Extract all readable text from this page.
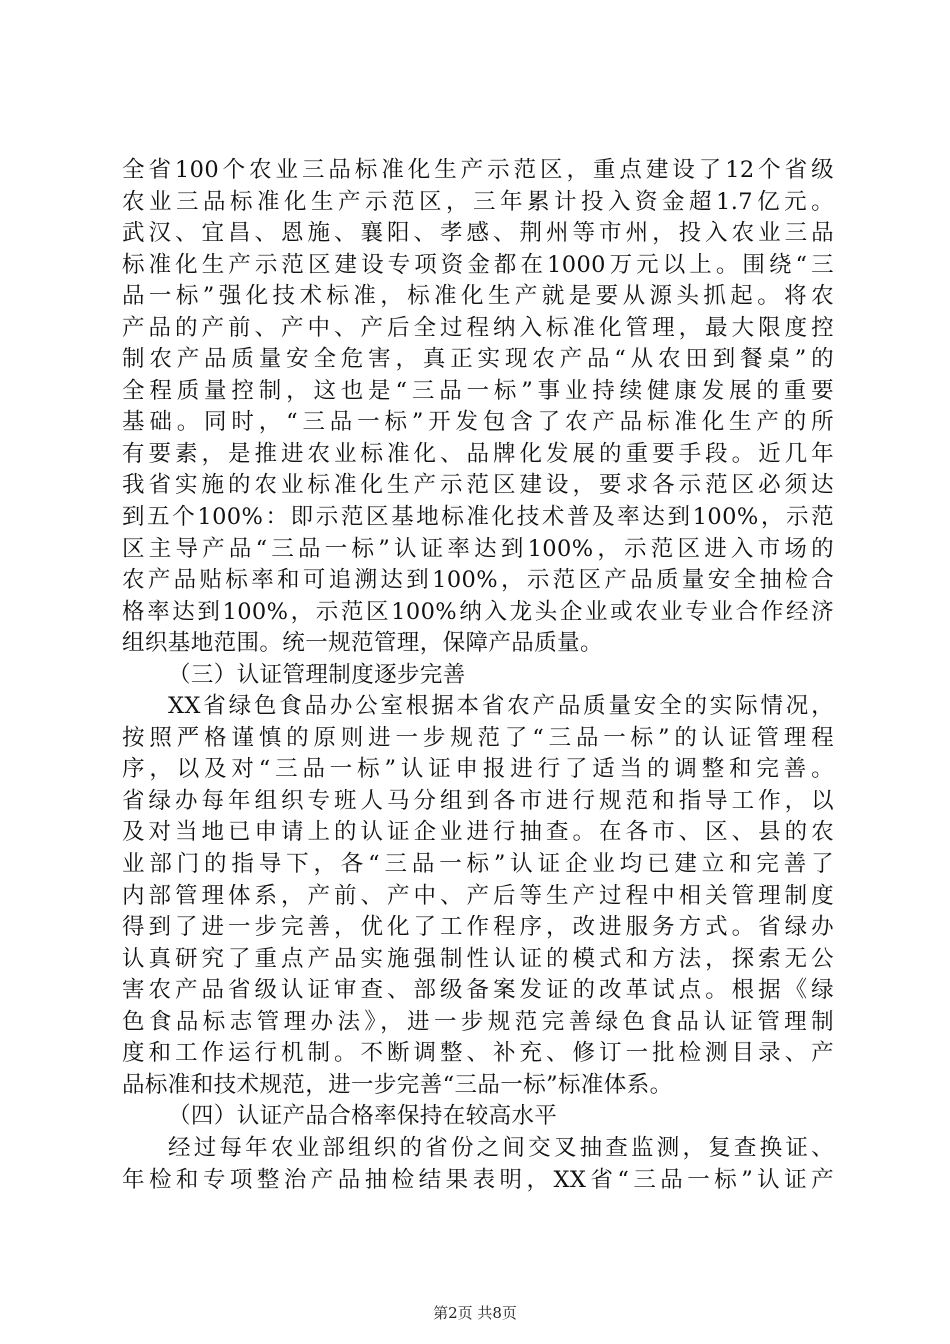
全省100个农业三品标准化生产示范区，重点建设了12个省级
农业三品标准化生产示范区，三年累计投入资金超1.7亿元。
武汉、宜昌、恩施、襄阳、孝感、荆州等市州，投入农业三品
标准化生产示范区建设专项资金都在1000万元以上。围绕“三
品一标”强化技术标准，标准化生产就是要从源头抓起。将农
产品的产前、产中、产后全过程纳入标准化管理，最大限度控
制农产品质量安全危害，真正实现农产品“从农田到餐桌”的
全程质量控制，这也是“三品一标”事业持续健康发展的重要
基础。同时，“三品一标”开发包含了农产品标准化生产的所
有要素，是推进农业标准化、品牌化发展的重要手段。近几年
我省实施的农业标准化生产示范区建设，要求各示范区必须达
到五个100%：即示范区基地标准化技术普及率达到100%，示范
区主导产品“三品一标”认证率达到100%，示范区进入市场的
农产品贴标率和可追溯达到100%，示范区产品质量安全抽检合
格率达到100%，示范区100%纳入龙头企业或农业专业合作经济
组织基地范围。统一规范管理，保障产品质量。
（三）认证管理制度逐步完善
XX省绿色食品办公室根据本省农产品质量安全的实际情况，
按照严格谨慎的原则进一步规范了“三品一标”的认证管理程
序，以及对“三品一标”认证申报进行了适当的调整和完善。
省绿办每年组织专班人马分组到各市进行规范和指导工作，以
及对当地已申请上的认证企业进行抽查。在各市、区、县的农
业部门的指导下，各“三品一标”认证企业均已建立和完善了
内部管理体系，产前、产中、产后等生产过程中相关管理制度
得到了进一步完善，优化了工作程序，改进服务方式。省绿办
认真研究了重点产品实施强制性认证的模式和方法，探索无公
害农产品省级认证审查、部级备案发证的改革试点。根据《绿
色食品标志管理办法》，进一步规范完善绿色食品认证管理制
度和工作运行机制。不断调整、补充、修订一批检测目录、产
品标准和技术规范，进一步完善“三品一标”标准体系。
（四）认证产品合格率保持在较高水平
经过每年农业部组织的省份之间交叉抽查监测，复查换证、
年检和专项整治产品抽检结果表明，XX省“三品一标”认证产
第2页 共8页
